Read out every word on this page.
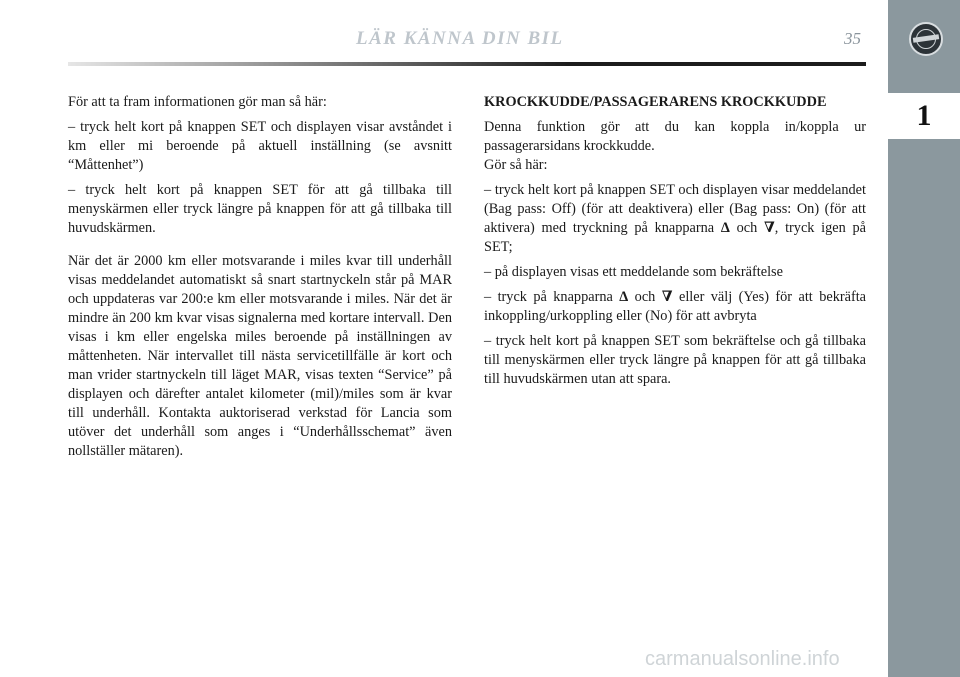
1
LÄR KÄNNA DIN BIL	35

För att ta fram informationen gör man så här:

– tryck helt kort på knappen SET och displayen visar avståndet i km eller mi beroende på aktuell inställning (se avsnitt “Måttenhet”)

– tryck helt kort på knappen SET för att gå tillbaka till menyskärmen eller tryck längre på knappen för att gå tillbaka till huvudskärmen.

När det är 2000 km eller motsvarande i miles kvar till underhåll visas meddelandet automatiskt så snart startnyckeln står på MAR och uppdateras var 200:e km eller motsvarande i miles. När det är mindre än 200 km kvar visas signalerna med kortare intervall. Den visas i km eller engelska miles beroende på inställningen av måttenheten. När intervallet till nästa servicetillfälle är kort och man vrider startnyckeln till läget MAR, visas texten “Service” på displayen och därefter antalet kilometer (mil)/miles som är kvar till underhåll. Kontakta auktoriserad verkstad för Lancia som utöver det underhåll som anges i “Underhållsschemat” även nollställer mätaren).

KROCKKUDDE/PASSAGERARENS KROCKKUDDE

Denna funktion gör att du kan koppla in/koppla ur passagerarsidans krockkudde.

Gör så här:

– tryck helt kort på knappen SET och displayen visar meddelandet (Bag pass: Off) (för att deaktivera) eller (Bag pass: On) (för att aktivera) med tryckning på knapparna Δ och ∇, tryck igen på SET;

– på displayen visas ett meddelande som bekräftelse

– tryck på knapparna Δ och ∇ eller välj (Yes) för att bekräfta inkoppling/urkoppling eller (No) för att avbryta

– tryck helt kort på knappen SET som bekräftelse och gå tillbaka till menyskärmen eller tryck längre på knappen för att gå tillbaka till huvudskärmen utan att spara.

carmanualsonline.info
